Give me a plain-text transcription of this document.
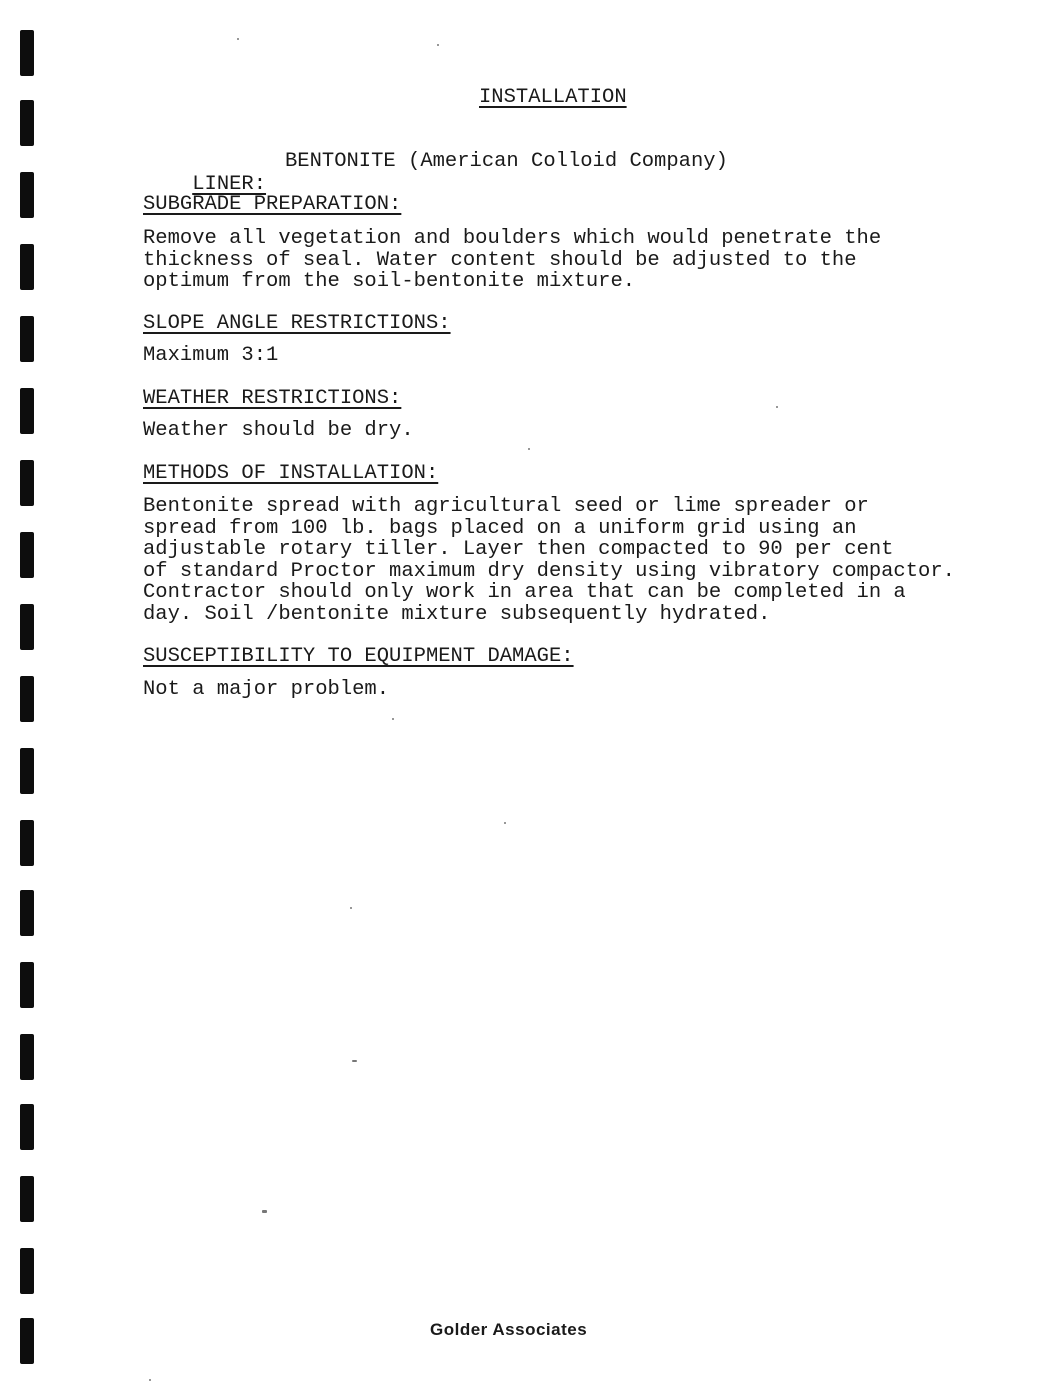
INSTALLATION

LINER:

BENTONITE (American Colloid Company)

SUBGRADE PREPARATION:

Remove all vegetation and boulders which would penetrate the
thickness of seal. Water content should be adjusted to the
optimum from the soil-bentonite mixture.

SLOPE ANGLE RESTRICTIONS:

Maximum 3:1

WEATHER RESTRICTIONS:

Weather should be dry.

METHODS OF INSTALLATION:

Bentonite spread with agricultural seed or lime spreader or
spread from 100 lb. bags placed on a uniform grid using an
adjustable rotary tiller. Layer then compacted to 90 per cent
of standard Proctor maximum dry density using vibratory compactor.
Contractor should only work in area that can be completed in a
day. Soil /bentonite mixture subsequently hydrated.

SUSCEPTIBILITY TO EQUIPMENT DAMAGE:

Not a major problem.

Golder Associates
